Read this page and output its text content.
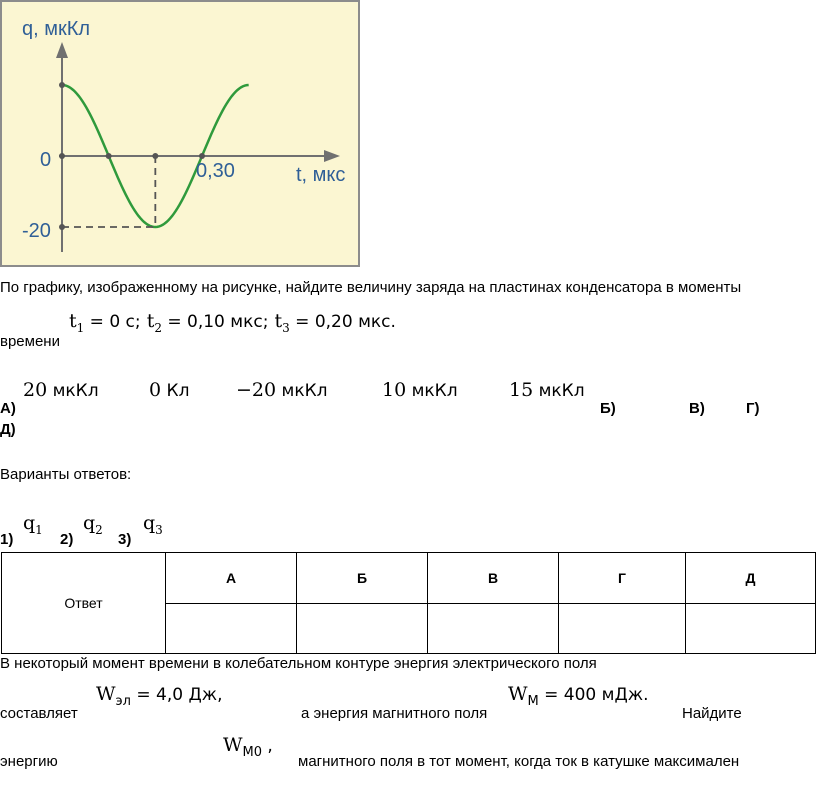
q, мкКл
t, мкс
0
-20
0,30
По графику, изображенному на рисунке, найдите величину заряда на пластинах конденсатора в моменты
$t_1 = 0$ с; $t_2 = 0,10$ мкс; $t_3 = 0,20$ мкс.
времени
20 мкКл	0 Кл −20 мкКл	10 мкКл	15 мкКл
А)	Б)	В)	Г)
Д)
Варианты ответов:
$q_1$ $q_2$ $q_3$
1)	2)	3)
Ответ	А	Б	В	Г	Д

В некоторый момент времени в колебательном контуре энергия электрического поля
$W_{эл} = 4,0$ Дж,	$W_М = 400$ мДж.
составляет	а энергия магнитного поля	Найдите
$W_{М0}$ ,
энергию	магнитного поля в тот момент, когда ток в катушке максимален
